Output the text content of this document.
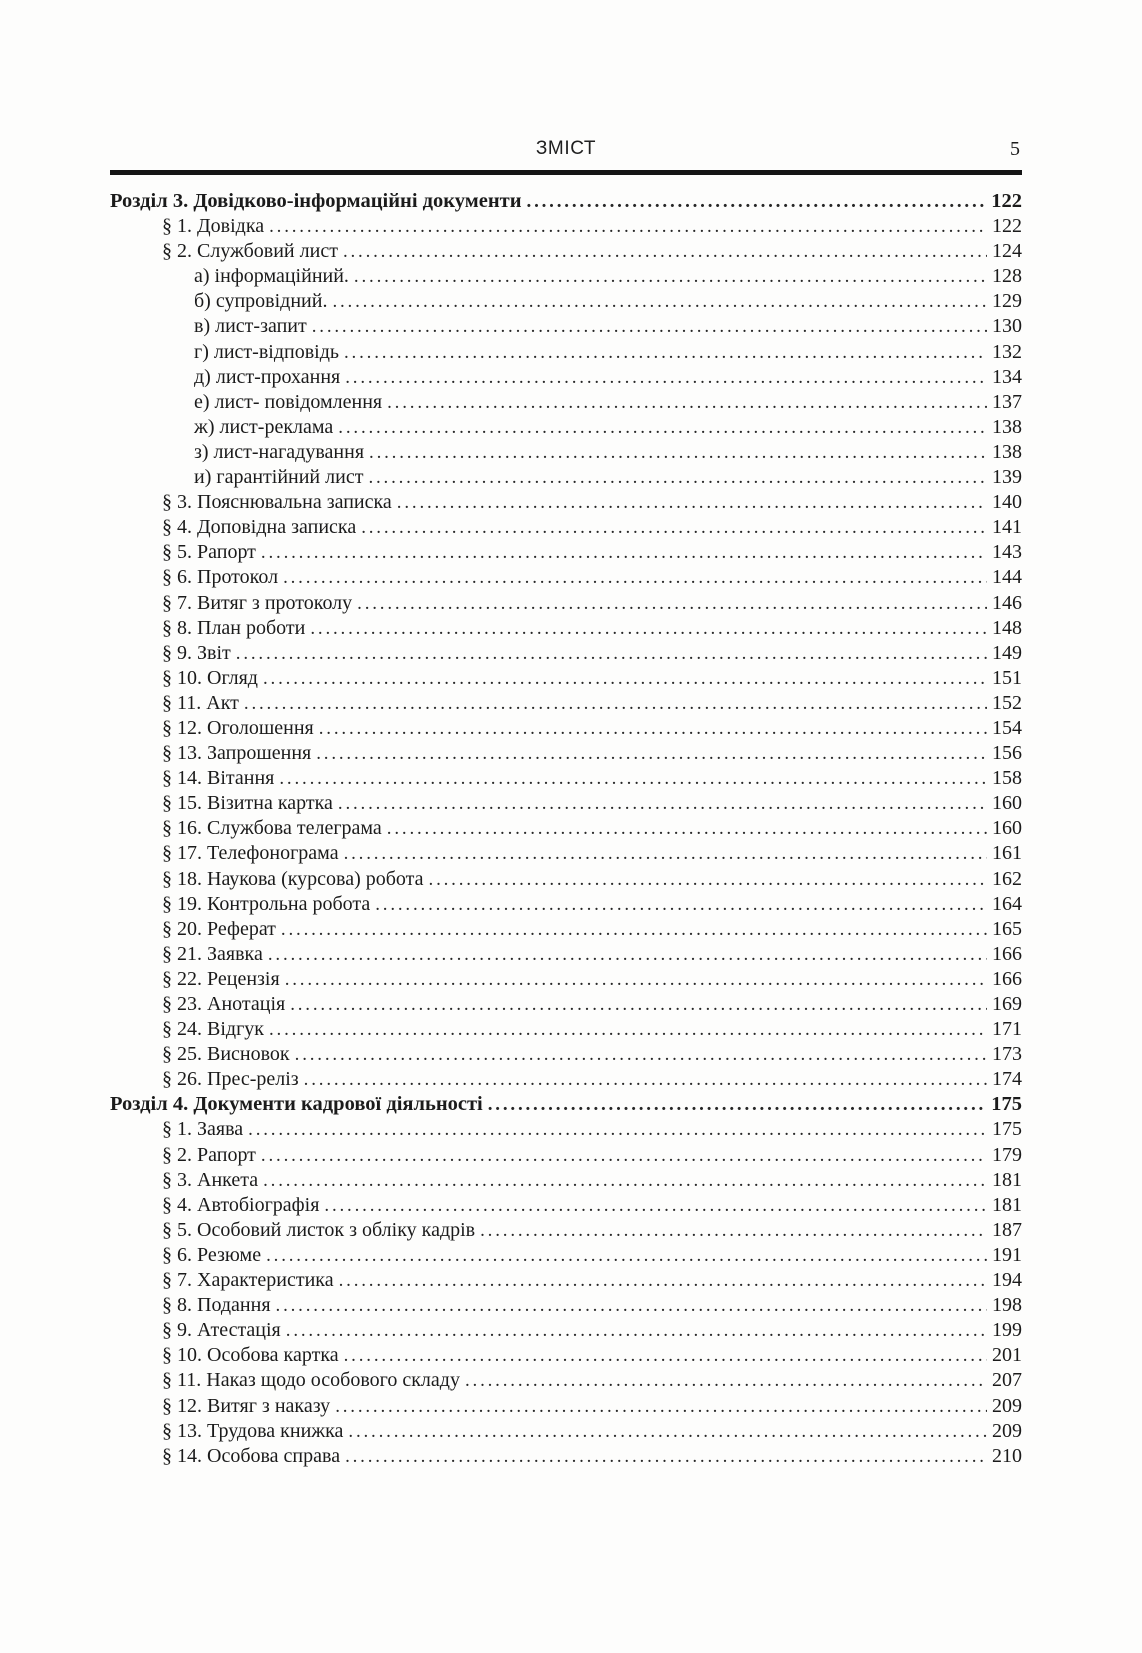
ЗМІСТ	5
Розділ 3. Довідково-інформаційні документи .....	122
§ 1. Довідка .....	122
§ 2. Службовий лист .....	124
а) інформаційний. .....	128
б) супровідний. .....	129
в) лист-запит .....	130
г) лист-відповідь .....	132
д) лист-прохання .....	134
е) лист- повідомлення .....	137
ж) лист-реклама .....	138
з) лист-нагадування .....	138
и) гарантійний лист .....	139
§ 3. Пояснювальна записка .....	140
§ 4. Доповідна записка .....	141
§ 5. Рапорт .....	143
§ 6. Протокол .....	144
§ 7. Витяг з протоколу .....	146
§ 8. План роботи .....	148
§ 9. Звіт .....	149
§ 10. Огляд .....	151
§ 11. Акт .....	152
§ 12. Оголошення .....	154
§ 13. Запрошення .....	156
§ 14. Вітання .....	158
§ 15. Візитна картка .....	160
§ 16. Службова телеграма .....	160
§ 17. Телефонограма .....	161
§ 18. Наукова (курсова) робота .....	162
§ 19. Контрольна робота .....	164
§ 20. Реферат .....	165
§ 21. Заявка .....	166
§ 22. Рецензія .....	166
§ 23. Анотація .....	169
§ 24. Відгук .....	171
§ 25. Висновок .....	173
§ 26. Прес-реліз .....	174
Розділ 4. Документи кадрової діяльності .....	175
§ 1. Заява .....	175
§ 2. Рапорт .....	179
§ 3. Анкета .....	181
§ 4. Автобіографія .....	181
§ 5. Особовий листок з обліку кадрів .....	187
§ 6. Резюме .....	191
§ 7. Характеристика .....	194
§ 8. Подання .....	198
§ 9. Атестація .....	199
§ 10. Особова картка .....	201
§ 11. Наказ щодо особового складу .....	207
§ 12. Витяг з наказу .....	209
§ 13. Трудова книжка .....	209
§ 14. Особова справа .....	210
